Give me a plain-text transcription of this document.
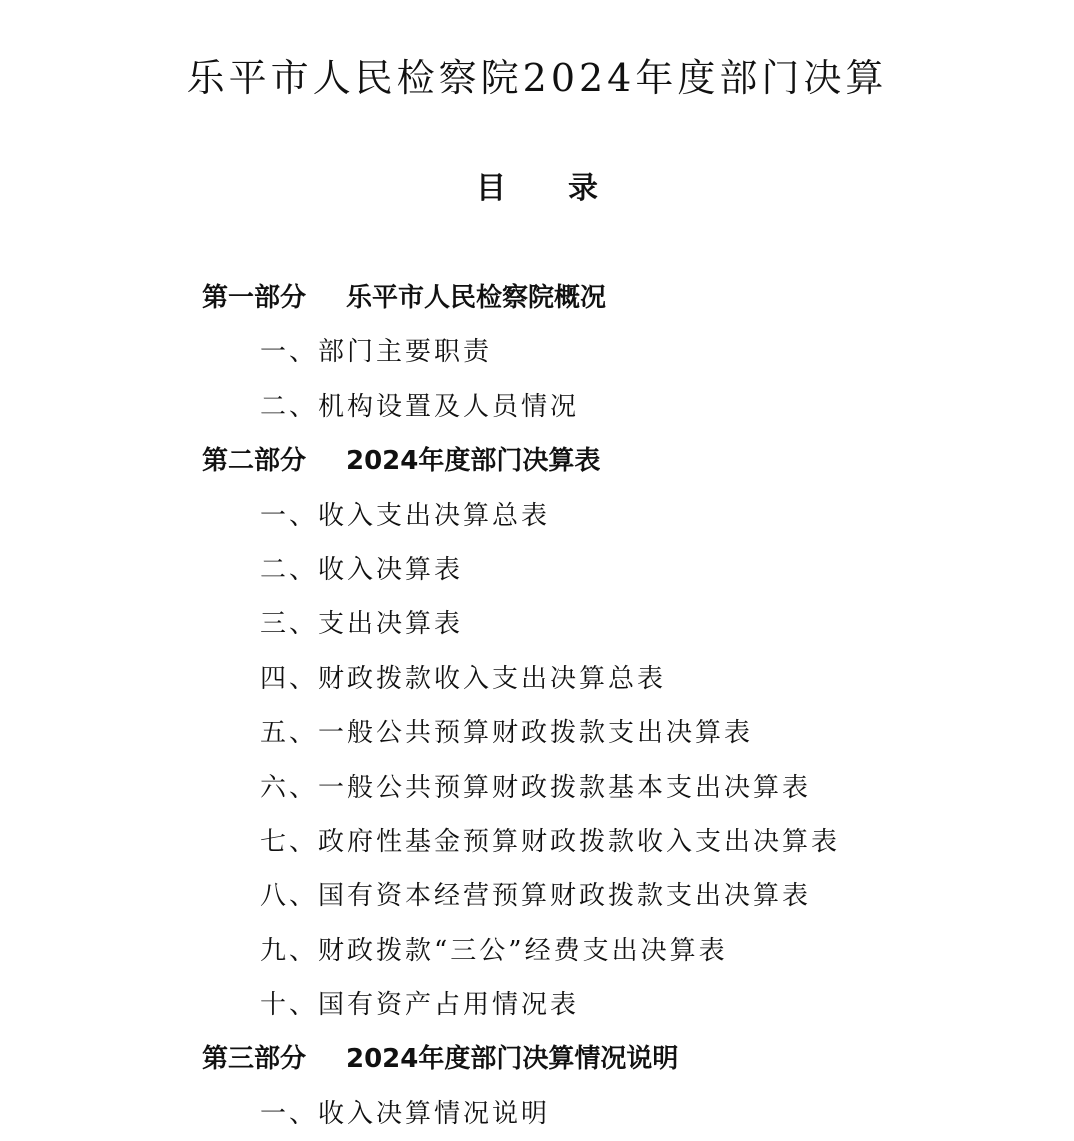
乐平市人民检察院2024年度部门决算
目 录
第一部分 乐平市人民检察院概况
一、部门主要职责
二、机构设置及人员情况
第二部分 2024年度部门决算表
一、收入支出决算总表
二、收入决算表
三、支出决算表
四、财政拨款收入支出决算总表
五、一般公共预算财政拨款支出决算表
六、一般公共预算财政拨款基本支出决算表
七、政府性基金预算财政拨款收入支出决算表
八、国有资本经营预算财政拨款支出决算表
九、财政拨款“三公”经费支出决算表
十、国有资产占用情况表
第三部分 2024年度部门决算情况说明
一、收入决算情况说明
